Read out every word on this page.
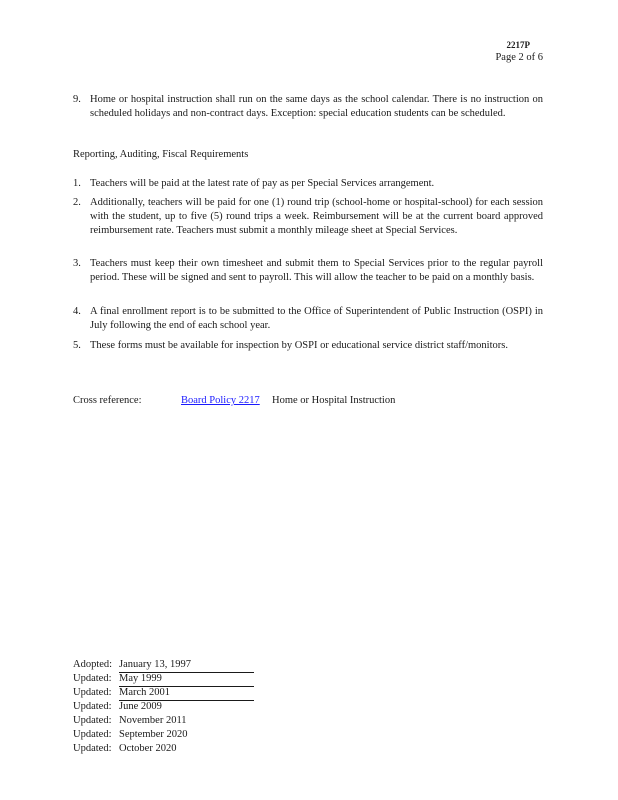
2217P
Page 2 of 6
9. Home or hospital instruction shall run on the same days as the school calendar. There is no instruction on scheduled holidays and non-contract days. Exception: special education students can be scheduled.
Reporting, Auditing, Fiscal Requirements
1. Teachers will be paid at the latest rate of pay as per Special Services arrangement.
2. Additionally, teachers will be paid for one (1) round trip (school-home or hospital-school) for each session with the student, up to five (5) round trips a week. Reimbursement will be at the current board approved reimbursement rate. Teachers must submit a monthly mileage sheet at Special Services.
3. Teachers must keep their own timesheet and submit them to Special Services prior to the regular payroll period. These will be signed and sent to payroll. This will allow the teacher to be paid on a monthly basis.
4. A final enrollment report is to be submitted to the Office of Superintendent of Public Instruction (OSPI) in July following the end of each school year.
5. These forms must be available for inspection by OSPI or educational service district staff/monitors.
Cross reference:	Board Policy 2217 Home or Hospital Instruction
Adopted: January 13, 1997
Updated: May 1999
Updated: March 2001
Updated: June 2009
Updated: November 2011
Updated: September 2020
Updated: October 2020
